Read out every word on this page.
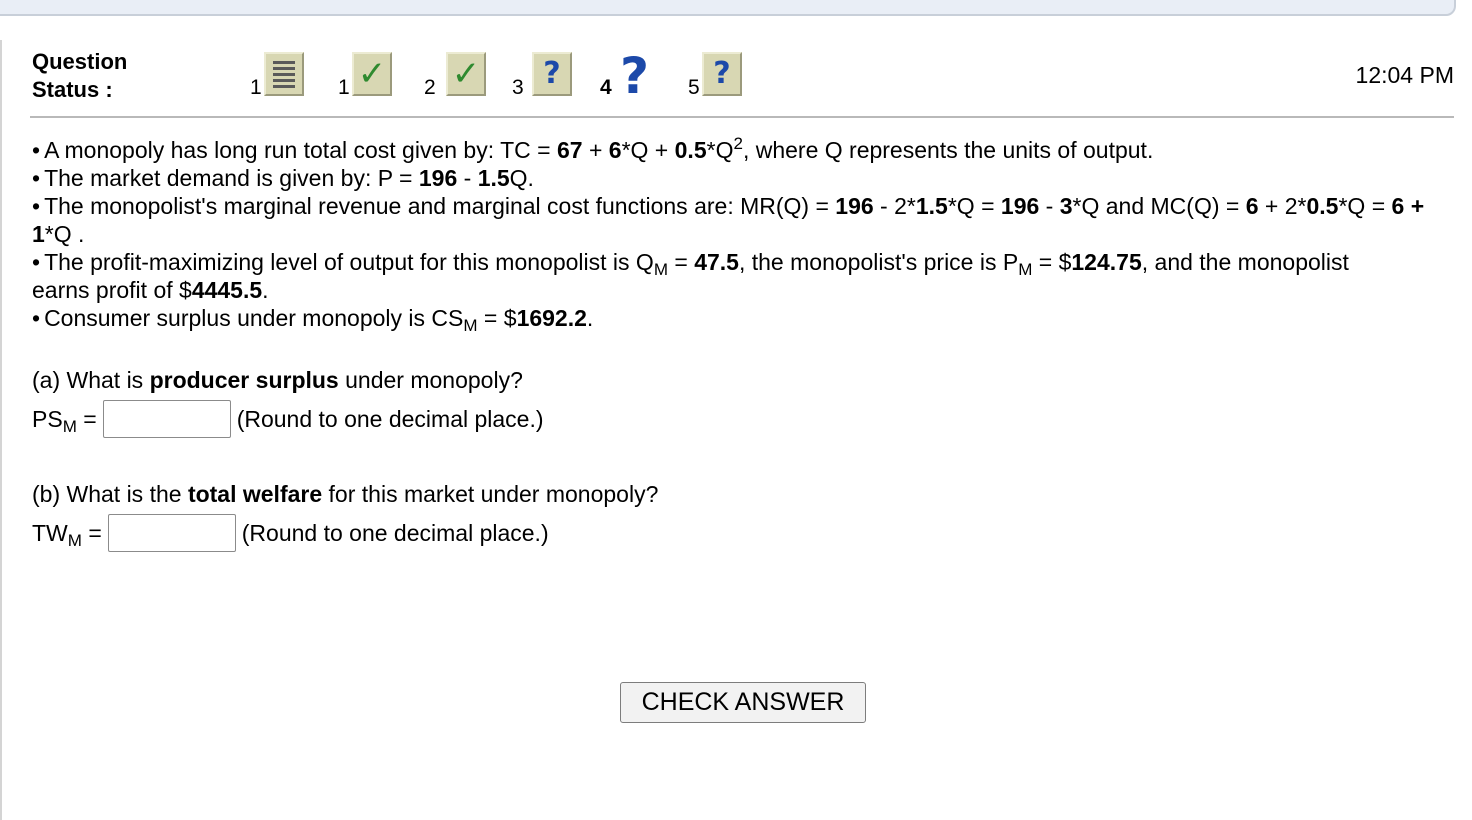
Question
Status :	1	1 ✓ 2 ✓ 3 ? 4 ? 5 ?	12:04 PM

• A monopoly has long run total cost given by: TC = $67 + 6*Q + 0.5*Q^2$, where Q represents the units of output.

• The market demand is given by: P = 196 - 1.5Q.

• The monopolist's marginal revenue and marginal cost functions are: MR(Q) = 196 - 2*1.5*Q = 196 - 3*Q and MC(Q) = 6 + 2*0.5*Q = 6 + 1*Q .

• The profit-maximizing level of output for this monopolist is $Q_M = 47.5$, the monopolist's price is $P_M$ = $124.75, and the monopolist
earns profit of $4445.5.

• Consumer surplus under monopoly is $CS_M$ = $1692.2.

(a) What is producer surplus under monopoly?
$PS_M$ =	(Round to one decimal place.)
(b) What is the total welfare for this market under monopoly?
$TW_M$ =	(Round to one decimal place.)
CHECK ANSWER
